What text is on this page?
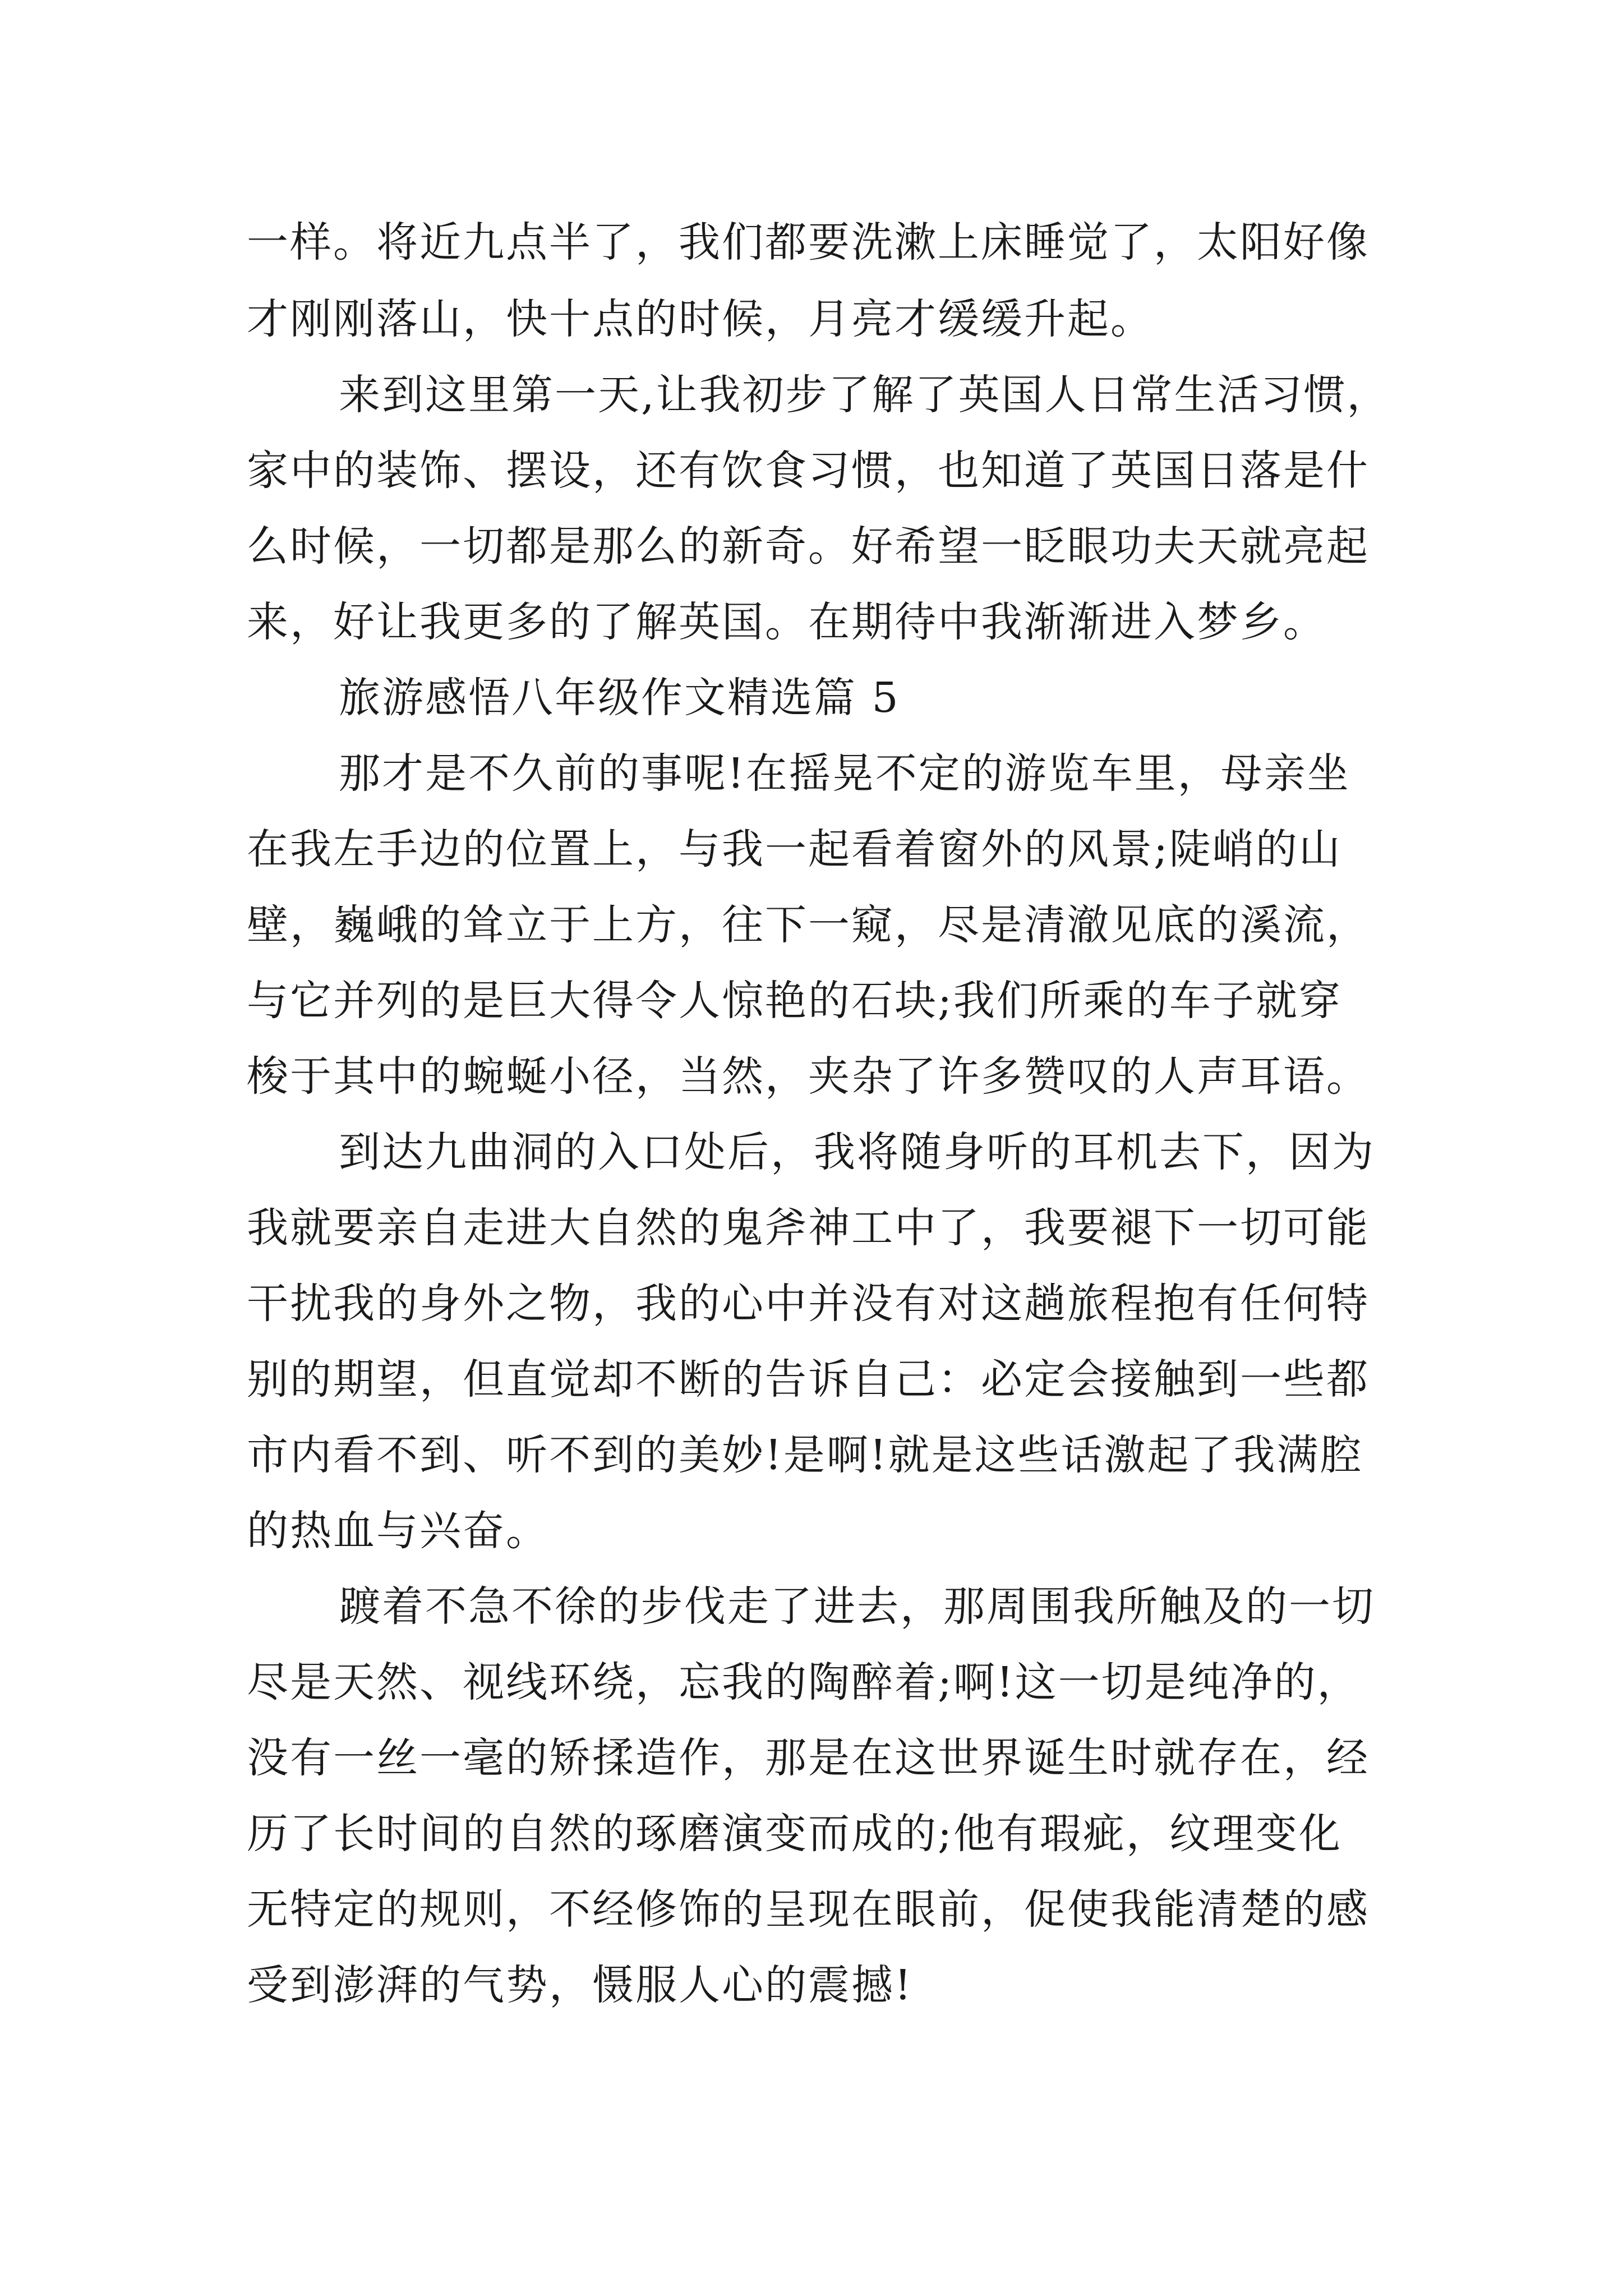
一样。将近九点半了，我们都要洗漱上床睡觉了，太阳好像

才刚刚落山，快十点的时候，月亮才缓缓升起。

来到这里第一天,让我初步了解了英国人日常生活习惯，

家中的装饰、摆设，还有饮食习惯，也知道了英国日落是什

么时候，一切都是那么的新奇。好希望一眨眼功夫天就亮起

来，好让我更多的了解英国。在期待中我渐渐进入梦乡。

旅游感悟八年级作文精选篇 5

那才是不久前的事呢!在摇晃不定的游览车里，母亲坐

在我左手边的位置上，与我一起看着窗外的风景;陡峭的山

壁，巍峨的耸立于上方，往下一窥，尽是清澈见底的溪流，

与它并列的是巨大得令人惊艳的石块;我们所乘的车子就穿

梭于其中的蜿蜒小径，当然，夹杂了许多赞叹的人声耳语。

到达九曲洞的入口处后，我将随身听的耳机去下，因为

我就要亲自走进大自然的鬼斧神工中了，我要褪下一切可能

干扰我的身外之物，我的心中并没有对这趟旅程抱有任何特

别的期望，但直觉却不断的告诉自己：必定会接触到一些都

市内看不到、听不到的美妙!是啊!就是这些话激起了我满腔

的热血与兴奋。

踱着不急不徐的步伐走了进去，那周围我所触及的一切

尽是天然、视线环绕，忘我的陶醉着;啊!这一切是纯净的，

没有一丝一毫的矫揉造作，那是在这世界诞生时就存在，经

历了长时间的自然的琢磨演变而成的;他有瑕疵，纹理变化

无特定的规则，不经修饰的呈现在眼前，促使我能清楚的感

受到澎湃的气势，慑服人心的震撼!
